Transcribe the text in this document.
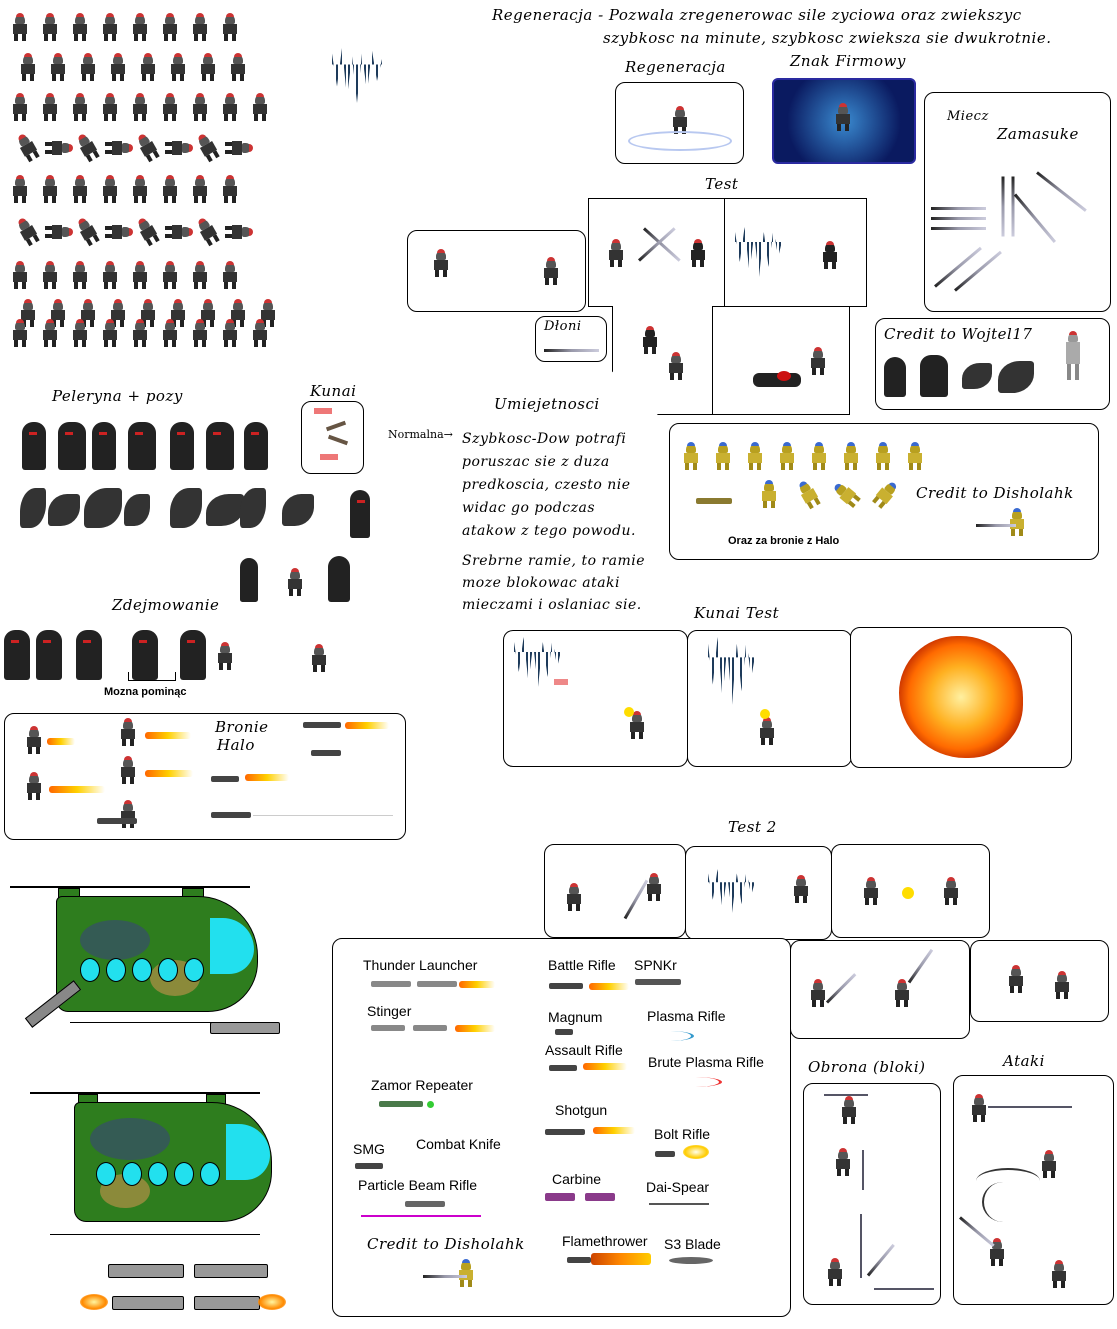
Regeneracja - Pozwala zregenerowac sile zyciowa oraz zwiekszyc
szybkosc na minute, szybkosc zwieksza sie dwukrotnie.
Regeneracja	Znak Firmowy
Miecz
Zamasuke
Test
Dłoni	Credit to Wojtel17
Umiejetnosci
Normalna→ Szybkosc-Dow potrafi
poruszac sie z duza
predkoscia, czesto nie
widac go podczas
atakow z tego powodu.
Srebrne ramie, to ramie
moze blokowac ataki
mieczami i oslaniac sie.
Credit to Disholahk
Oraz za bronie z Halo
Kunai Test
Peleryna + pozy	Kunai
Zdejmowanie
Mozna pominąc
Bronie
Halo
Test 2
Thunder Launcher
Stinger
Zamor Repeater
SMG Combat Knife
Particle Beam Rifle
Credit to Disholahk
Battle Rifle SPNKr
Magnum	Plasma Rifle
Assault Rifle
Brute Plasma Rifle
Shotgun
Bolt Rifle
Carbine	Dai-Spear
Flamethrower S3 Blade
Obrona (bloki)	Ataki
